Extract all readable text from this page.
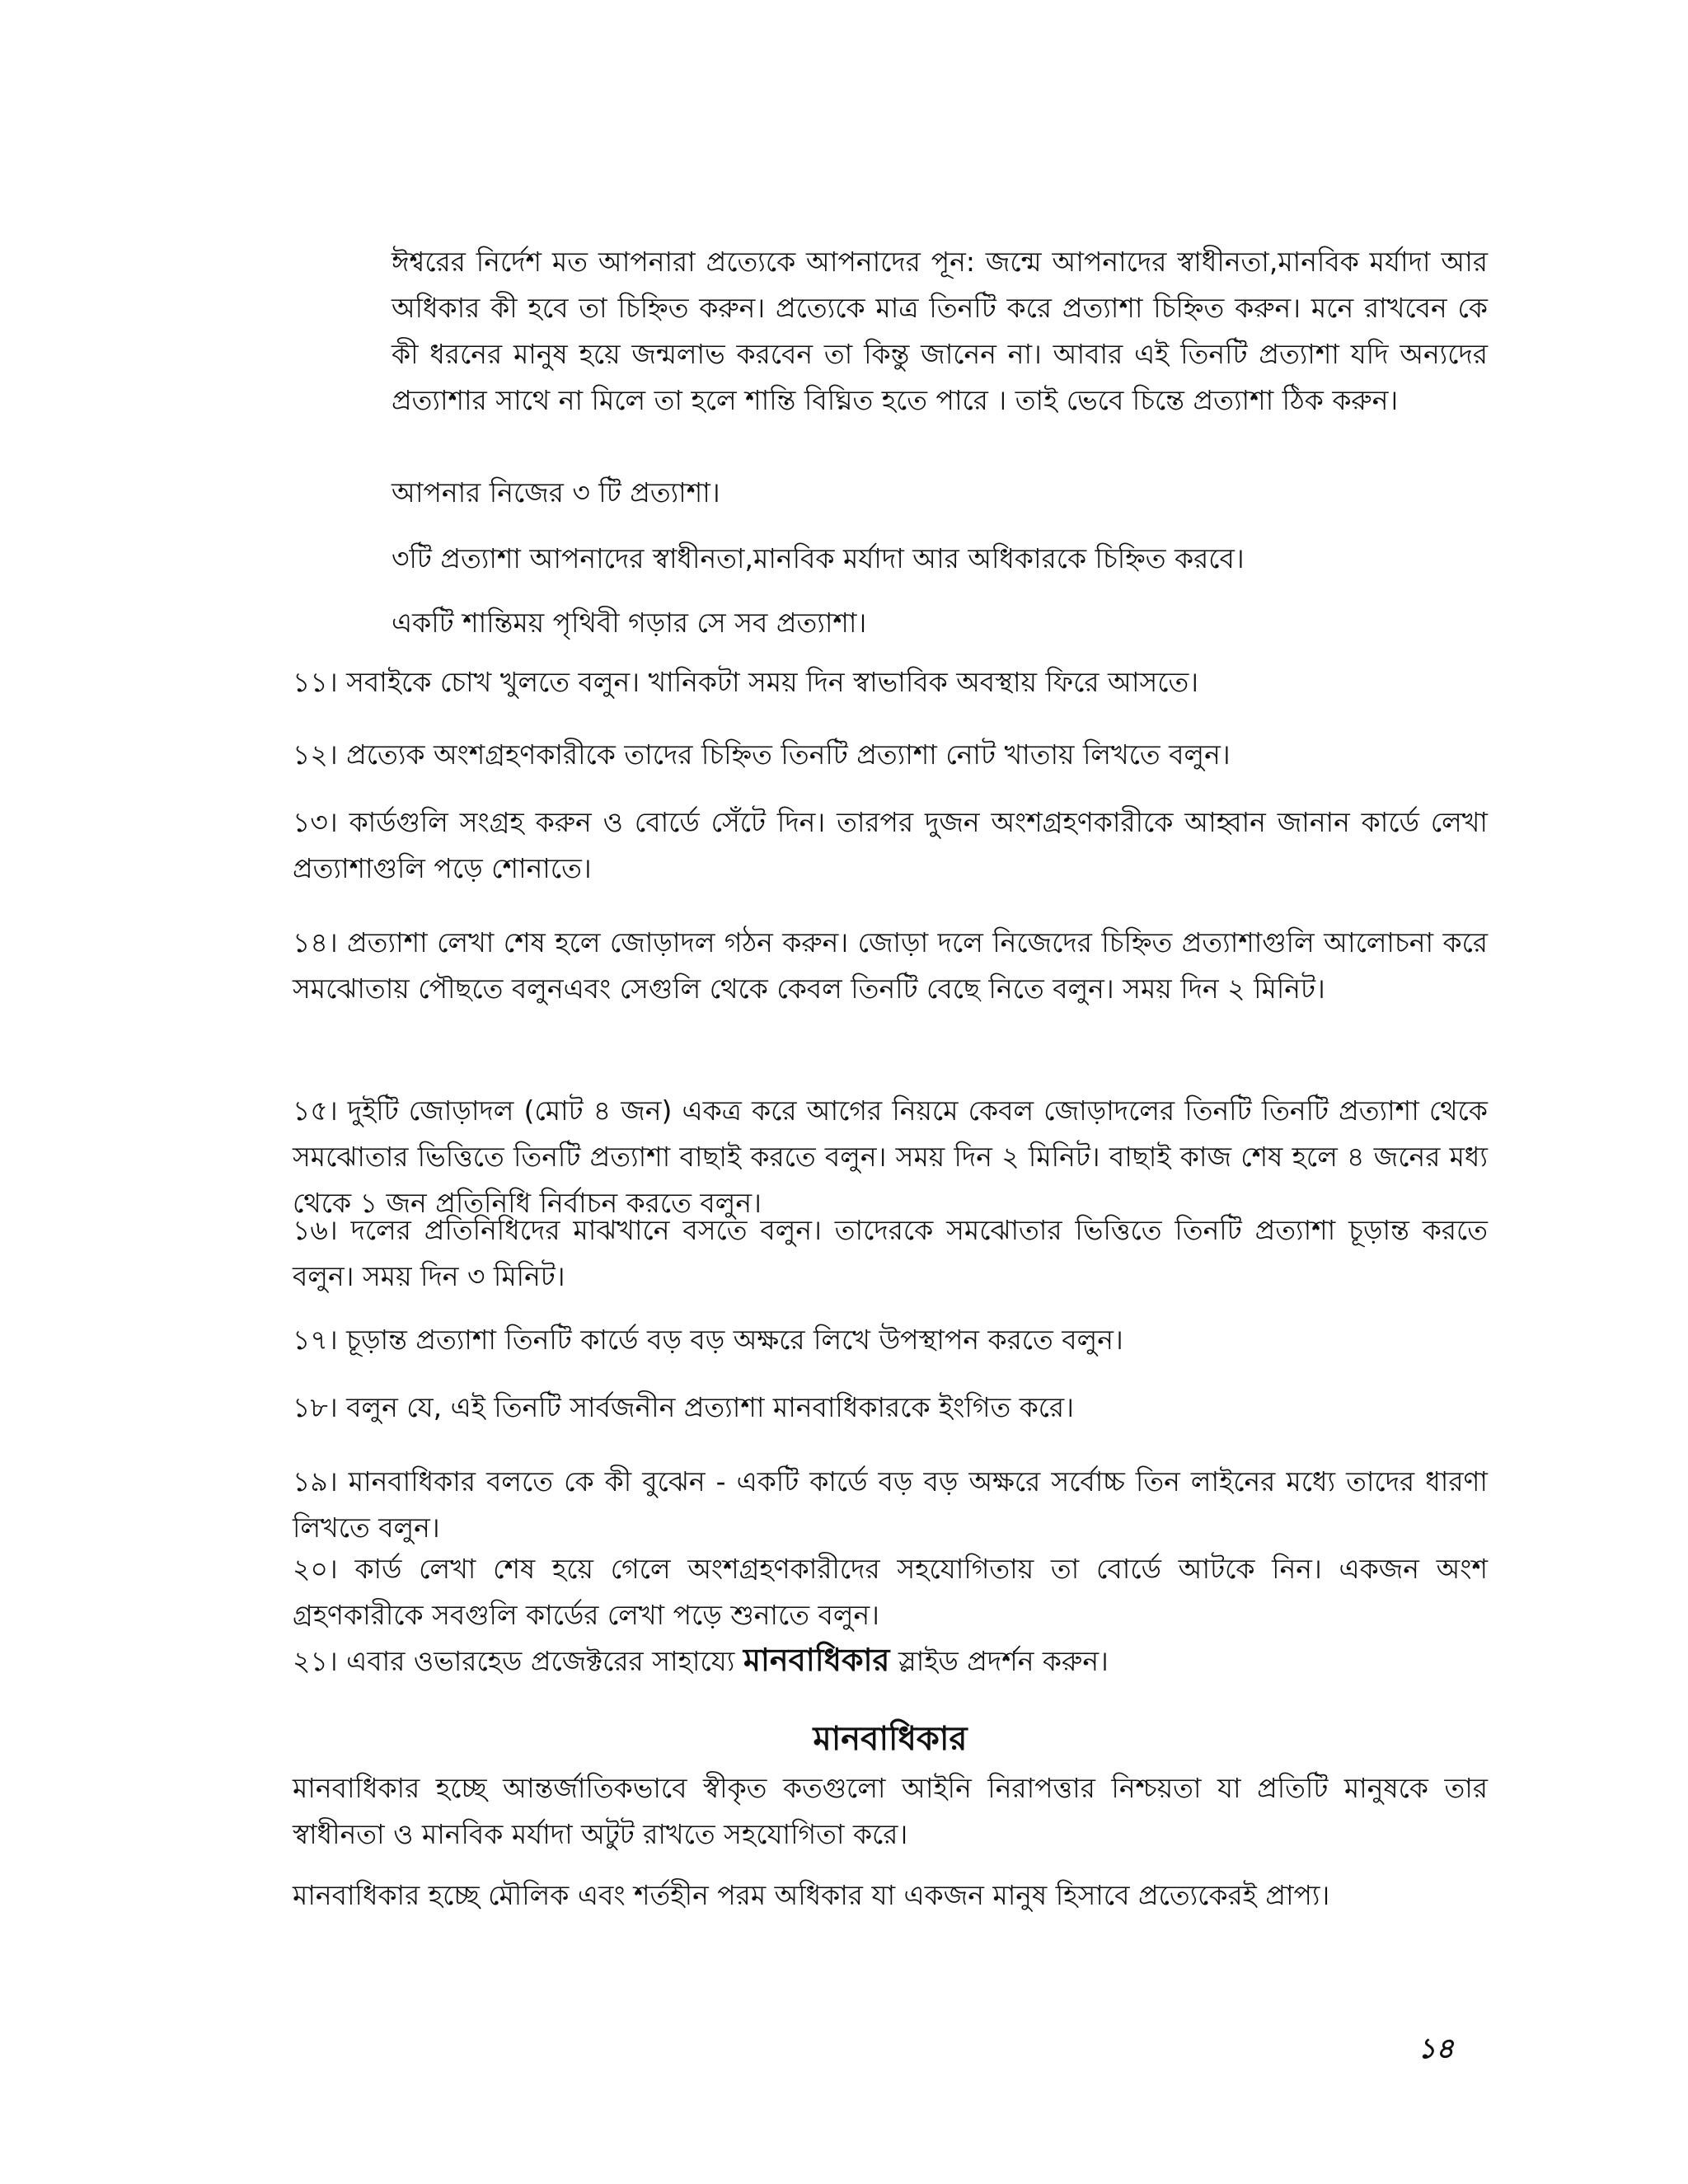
ঈশ্বরের নির্দেশ মত আপনারা প্রত্যেকে আপনাদের পূন: জন্মে আপনাদের স্বাধীনতা,মানবিক মর্যাদা আর অধিকার কী হবে তা চিহ্নিত করুন। প্রত্যেকে মাত্র তিনটি করে প্রত্যাশা চিহ্নিত করুন। মনে রাখবেন কে কী ধরনের মানুষ হয়ে জন্মলাভ করবেন তা কিন্তু জানেন না। আবার এই তিনটি প্রত্যাশা যদি অন্যদের প্রত্যাশার সাথে না মিলে তা হলে শান্তি বিঘ্নিত হতে পারে । তাই ভেবে চিন্তে প্রত্যাশা ঠিক করুন।

আপনার নিজের ৩ টি প্রত্যাশা।

৩টি প্রত্যাশা আপনাদের স্বাধীনতা,মানবিক মর্যাদা আর অধিকারকে চিহ্নিত করবে।

একটি শান্তিময় পৃথিবী গড়ার সে সব প্রত্যাশা।

১১। সবাইকে চোখ খুলতে বলুন। খানিকটা সময় দিন স্বাভাবিক অবস্থায় ফিরে আসতে।

১২। প্রত্যেক অংশগ্রহণকারীকে তাদের চিহ্নিত তিনটি প্রত্যাশা নোট খাতায় লিখতে বলুন।

১৩। কার্ডগুলি সংগ্রহ করুন ও বোর্ডে সেঁটে দিন। তারপর দুজন অংশগ্রহণকারীকে আহ্বান জানান কার্ডে লেখা প্রত্যাশাগুলি পড়ে শোনাতে।

১৪। প্রত্যাশা লেখা শেষ হলে জোড়াদল গঠন করুন। জোড়া দলে নিজেদের চিহ্নিত প্রত্যাশাগুলি আলোচনা করে সমঝোতায় পৌছতে বলুনএবং সেগুলি থেকে কেবল তিনটি বেছে নিতে বলুন। সময় দিন ২ মিনিট।

১৫। দুইটি জোড়াদল (মোট ৪ জন) একত্র করে আগের নিয়মে কেবল জোড়াদলের তিনটি তিনটি প্রত্যাশা থেকে সমঝোতার ভিত্তিতে তিনটি প্রত্যাশা বাছাই করতে বলুন। সময় দিন ২ মিনিট। বাছাই কাজ শেষ হলে ৪ জনের মধ্য থেকে ১ জন প্রতিনিধি নির্বাচন করতে বলুন।

১৬। দলের প্রতিনিধিদের মাঝখানে বসতে বলুন। তাদেরকে সমঝোতার ভিত্তিতে তিনটি প্রত্যাশা চূড়ান্ত করতে বলুন। সময় দিন ৩ মিনিট।

১৭। চূড়ান্ত প্রত্যাশা তিনটি কার্ডে বড় বড় অক্ষরে লিখে উপস্থাপন করতে বলুন।

১৮। বলুন যে, এই তিনটি সার্বজনীন প্রত্যাশা মানবাধিকারকে ইংগিত করে।

১৯। মানবাধিকার বলতে কে কী বুঝেন - একটি কার্ডে বড় বড় অক্ষরে সর্বোচ্চ তিন লাইনের মধ্যে তাদের ধারণা লিখতে বলুন।

২০। কার্ড লেখা শেষ হয়ে গেলে অংশগ্রহণকারীদের সহযোগিতায় তা বোর্ডে আটকে নিন। একজন অংশ গ্রহণকারীকে সবগুলি কার্ডের লেখা পড়ে শুনাতে বলুন।

২১। এবার ওভারহেড প্রজেক্টরের সাহায্যে মানবাধিকার স্লাইড প্রদর্শন করুন।

মানবাধিকার

মানবাধিকার হচ্ছে আন্তর্জাতিকভাবে স্বীকৃত কতগুলো আইনি নিরাপত্তার নিশ্চয়তা যা প্রতিটি মানুষকে তার স্বাধীনতা ও মানবিক মর্যাদা অটুট রাখতে সহযোগিতা করে।

মানবাধিকার হচ্ছে মৌলিক এবং শর্তহীন পরম অধিকার যা একজন মানুষ হিসাবে প্রত্যেকেরই প্রাপ্য।

১৪
